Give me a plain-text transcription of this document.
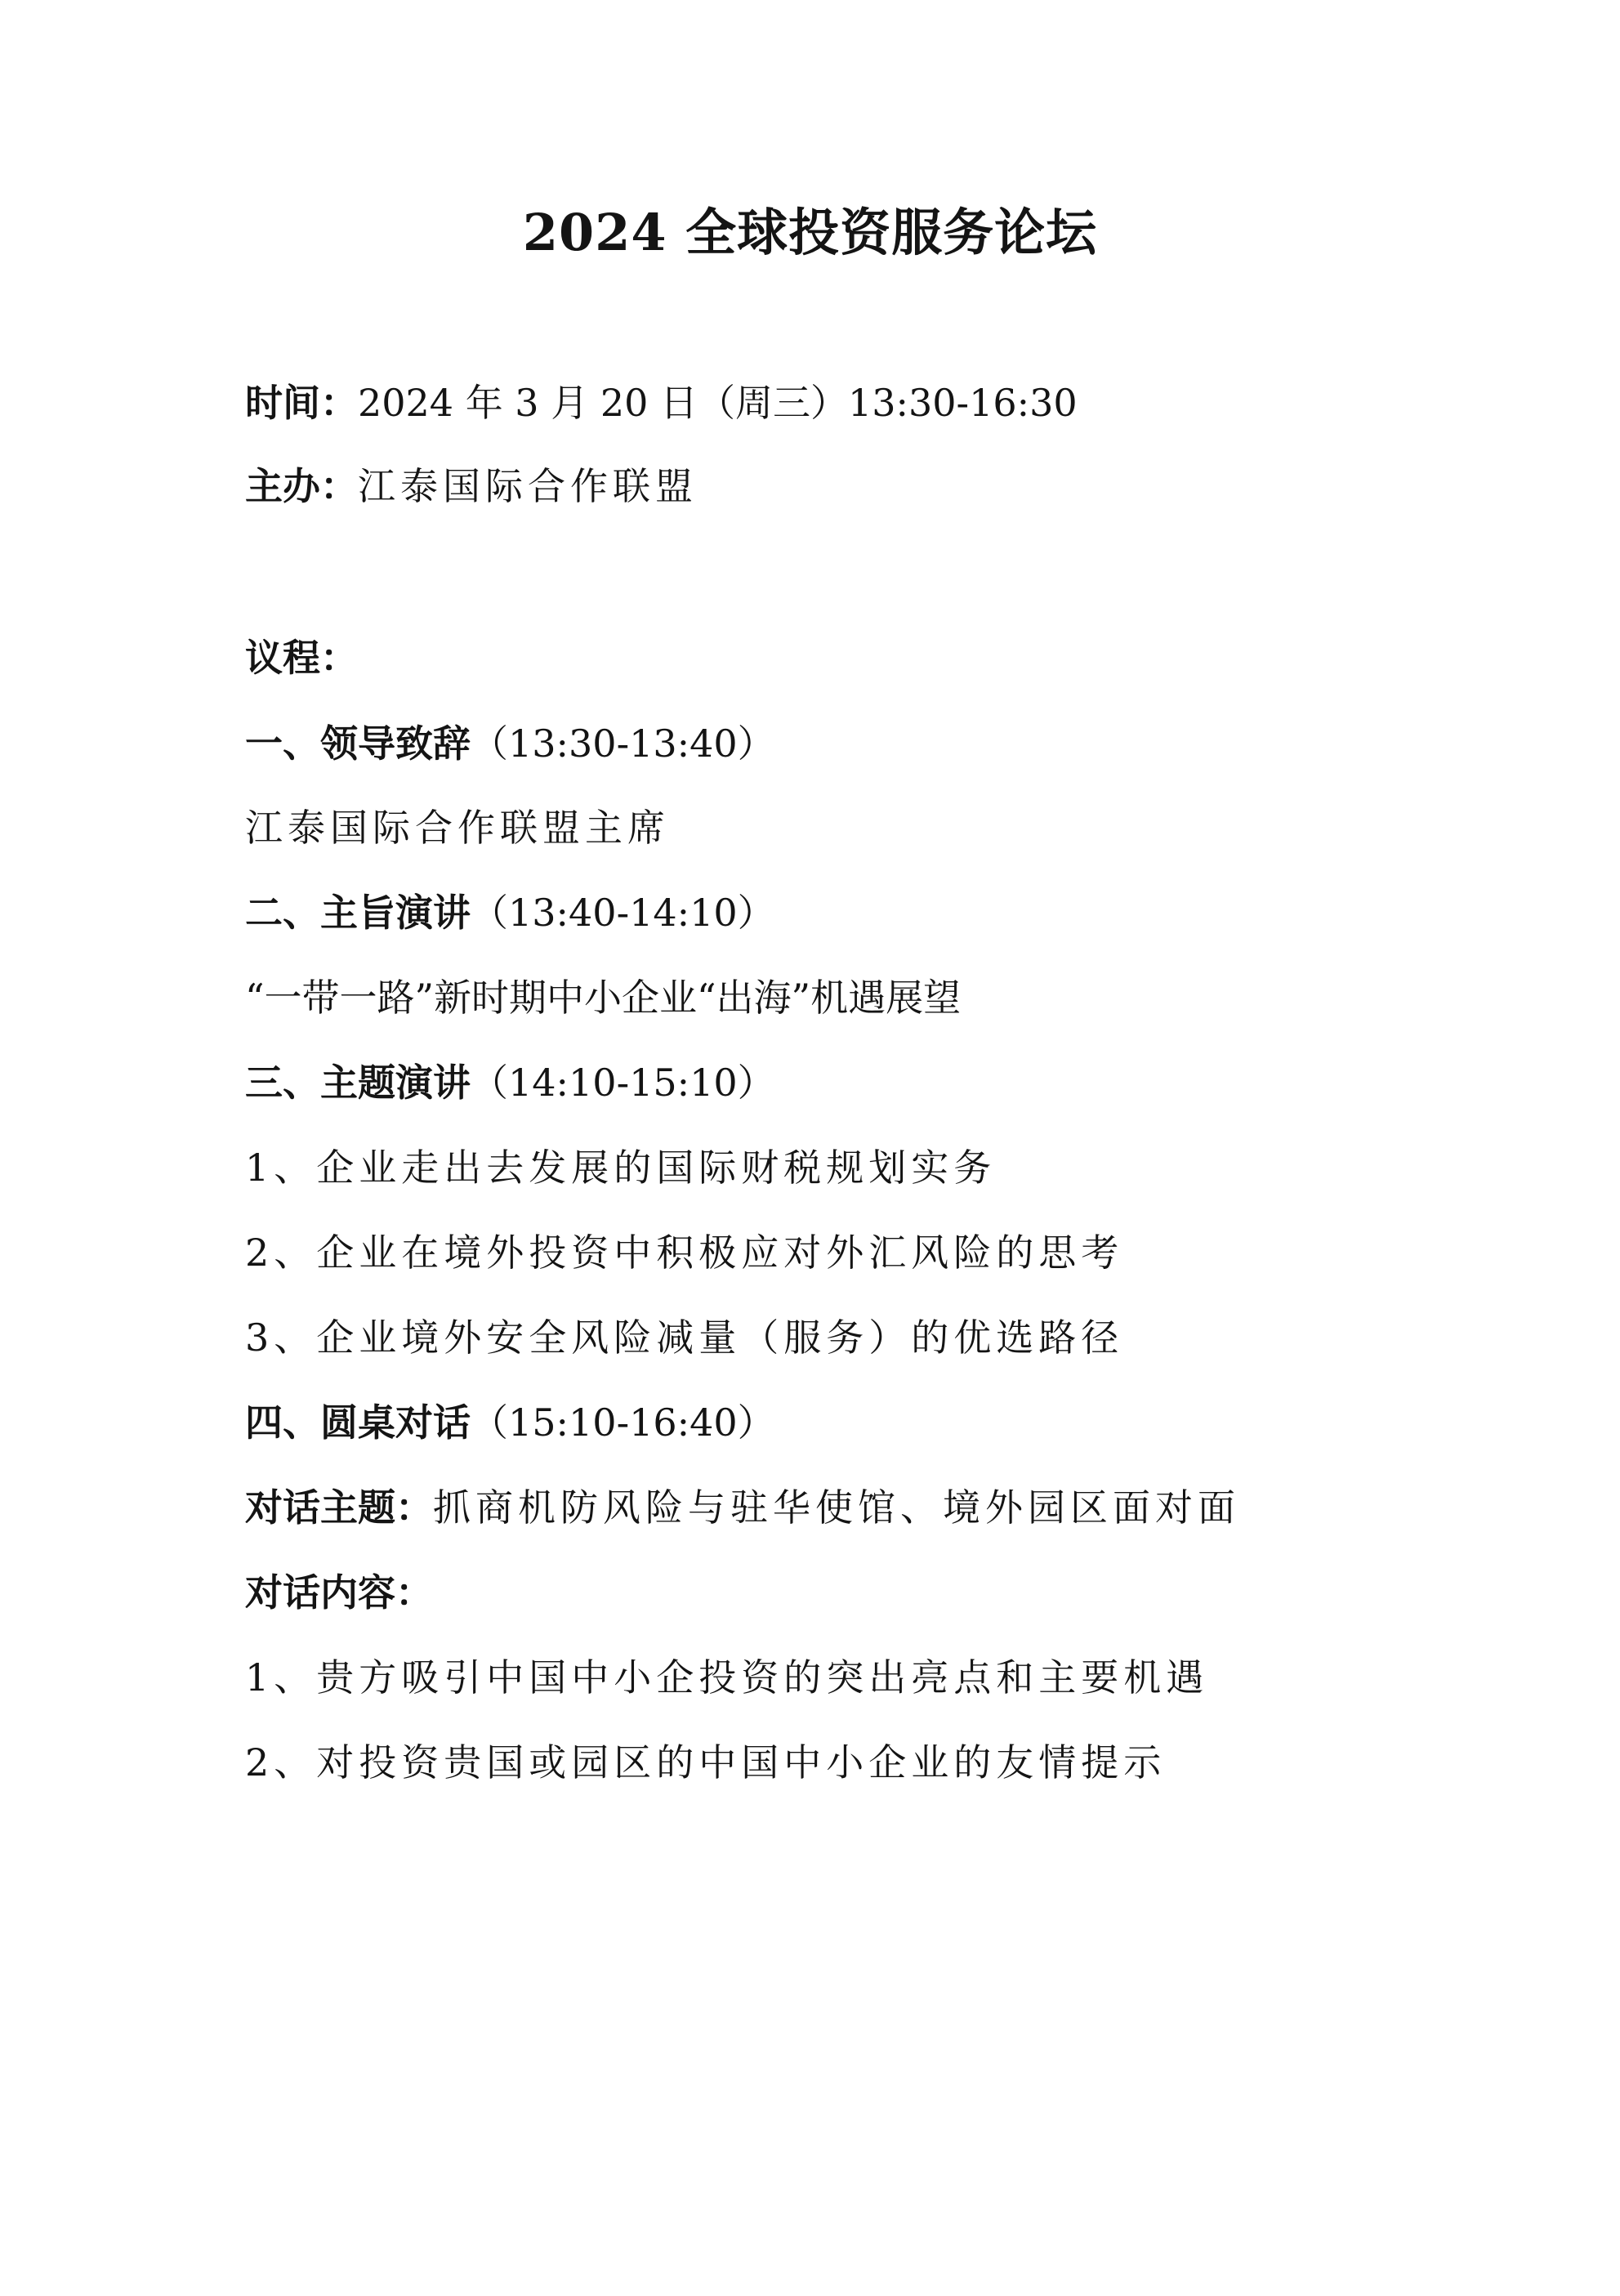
2024 全球投资服务论坛
时间：2024 年 3 月 20 日（周三）13:30-16:30
主办：江泰国际合作联盟
议程：
一、领导致辞（13:30-13:40）
江泰国际合作联盟主席
二、主旨演讲（13:40-14:10）
“一带一路”新时期中小企业“出海”机遇展望
三、主题演讲（14:10-15:10）
1、企业走出去发展的国际财税规划实务
2、企业在境外投资中积极应对外汇风险的思考
3、企业境外安全风险减量（服务）的优选路径
四、圆桌对话（15:10-16:40）
对话主题：抓商机防风险与驻华使馆、境外园区面对面
对话内容：
1、贵方吸引中国中小企投资的突出亮点和主要机遇
2、对投资贵国或园区的中国中小企业的友情提示
